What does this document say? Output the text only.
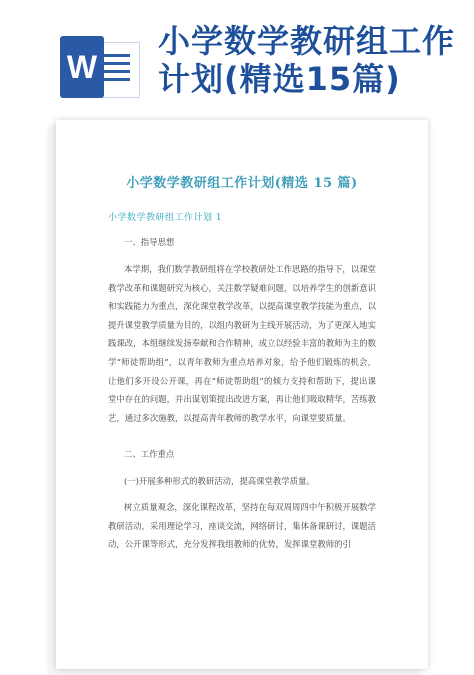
W
小学数学教研组工作计划(精选15篇)
小学数学教研组工作计划(精选 15 篇)

小学数学教研组工作计划 1

一、指导思想

本学期，我们数学教研组将在学校教研处工作思路的指导下，以课堂教学改革和课题研究为核心，关注数学疑难问题，以培养学生的创新意识和实践能力为重点，深化课堂教学改革，以提高课堂教学技能为重点，以提升课堂教学质量为目的，以组内教研为主线开展活动，为了更深入地实践课改，本组继续发扬奉献和合作精神，成立以经验丰富的教师为主的数学“师徒帮助组”，以青年教师为重点培养对象，给予他们锻炼的机会，让他们多开设公开课，再在“师徒帮助组”的倾力支持和帮助下，提出课堂中存在的问题，并出谋划策提出改进方案，再让他们吸取精华，苦练教艺，通过多次施教，以提高青年教师的教学水平，向课堂要质量。

二、工作重点

(一)开展多种形式的教研活动，提高课堂教学质量。

树立质量观念，深化课程改革，坚持在每双周周四中午积极开展数学教研活动，采用理论学习，座谈交流，网络研讨，集体备课研讨，课题活动，公开课等形式，充分发挥我组教师的优势，发挥课堂教师的引
